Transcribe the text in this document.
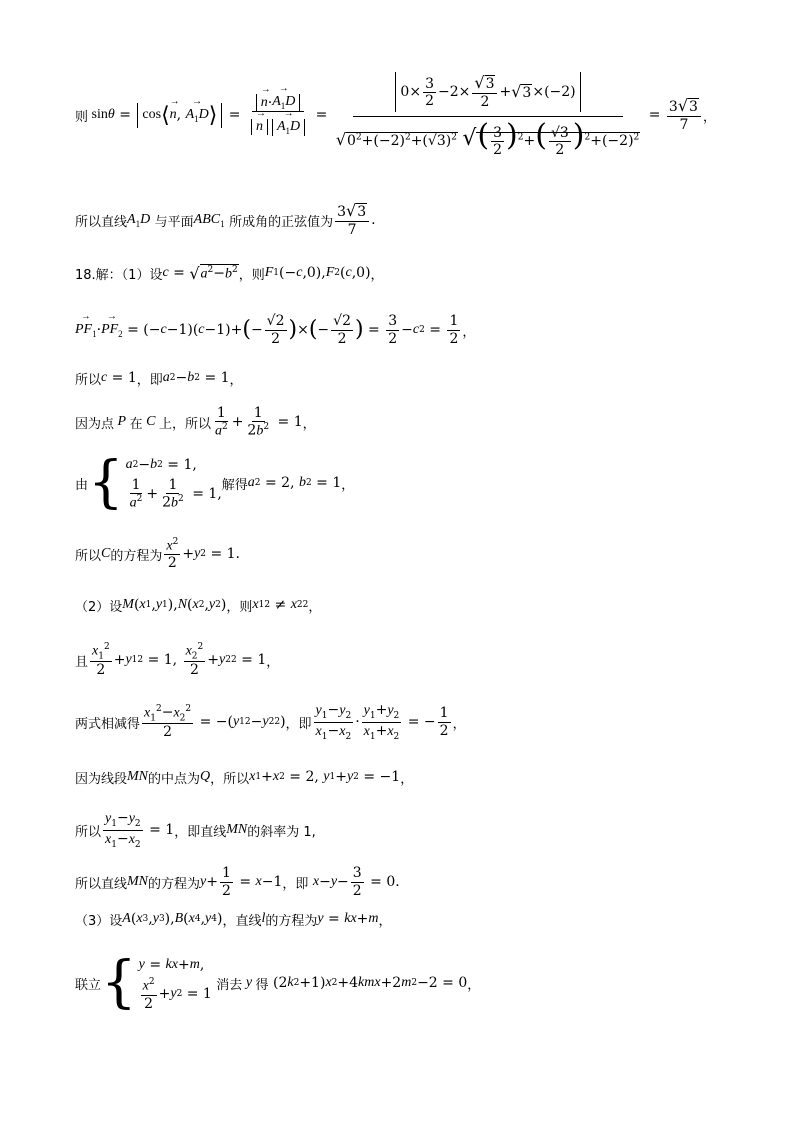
则 sin θ = cos ⟨
→ n ,
→ $A_1D$ ⟩ =
→ n ·
→ $A_1D$
→ n
→ $A_1D = \frac{0\times \frac{3}{2} -2\times \frac{√3}{2} + √ 3 \times(-2)}{√0^2+(-2)^2+(√3)^2 √( \frac{3}{2} )^2+( \frac{√3}{2} )^2+(-2)^2} = \frac{3√3}{7}$ ，
所以直线 $A_1D$
与平面 $ABC_1$
所成角的正弦值为 $\frac{3√3}{7}$ .
18.解：（1）设 c = √ $a^2-b^2$ ，则 F 1 (− c ,0), F 2 ( c ,0) ，
→ $PF_1$ ·
→ $PF_2$ = (− c −1)( c −1)+ ( − $\frac{√2}{2}$ ) × ( − $\frac{√2}{2}$ ) = $\frac{3}{2} - c$ $2 = \frac{1}{2}$ ，
所以 c = 1 ，即 a 2 − b 2 = 1 ，
因为点 P 在 C 上，所以 $\frac{1}{a^2} + \frac{1}{2b^2} = 1$ ，
由 { a 2 − b 2 = 1,
$\frac{1}{a^2} + \frac{1}{2b^2} = 1$,
解得 a 2 = 2, b 2 = 1 ，
所以 C 的方程为 $\frac{x^2}{2} + y$ 2 = 1.
（2）设 M ( x 1 , y 1 ), N ( x 2 , y 2 ) ，则 x 1 2 ≠ x 2 2 ，
且 $\frac{x_1^2}{2} + y$ 1 2 = 1, $\frac{x_2^2}{2} + y$ 2 2 = 1 ，
两式相减得 $\frac{x_1^2-x_2^2}{2}$ = −( y 1 2 − y 2 2 ) ，即 $\frac{y_1-y_2}{x_1-x_2} \cdot \frac{y_1+y_2}{x_1+x_2}$ = − $\frac{1}{2}$ ，
因为线段 MN 的中点为 Q ，所以 x 1 + x 2 = 2, y 1 + y 2 = −1 ，
所以 $\frac{y_1-y_2}{x_1-x_2} = 1$ ，即直线 MN 的斜率为 1,
所以直线 MN 的方程为 $y + \frac{1}{2} = x -1$ ，即
$x - y - \frac{3}{2} = 0$.
（3）设 A ( x 3 , y 3 ), B ( x 4 , y 4 ) ，直线 l 的方程为 y = kx + m ，
联立 { y = kx + m ,
$\frac{x^2}{2} + y$ 2 = 1

消去 y 得 (2 k 2 +1) x 2 +4 kmx +2 m 2 −2 = 0 ，
